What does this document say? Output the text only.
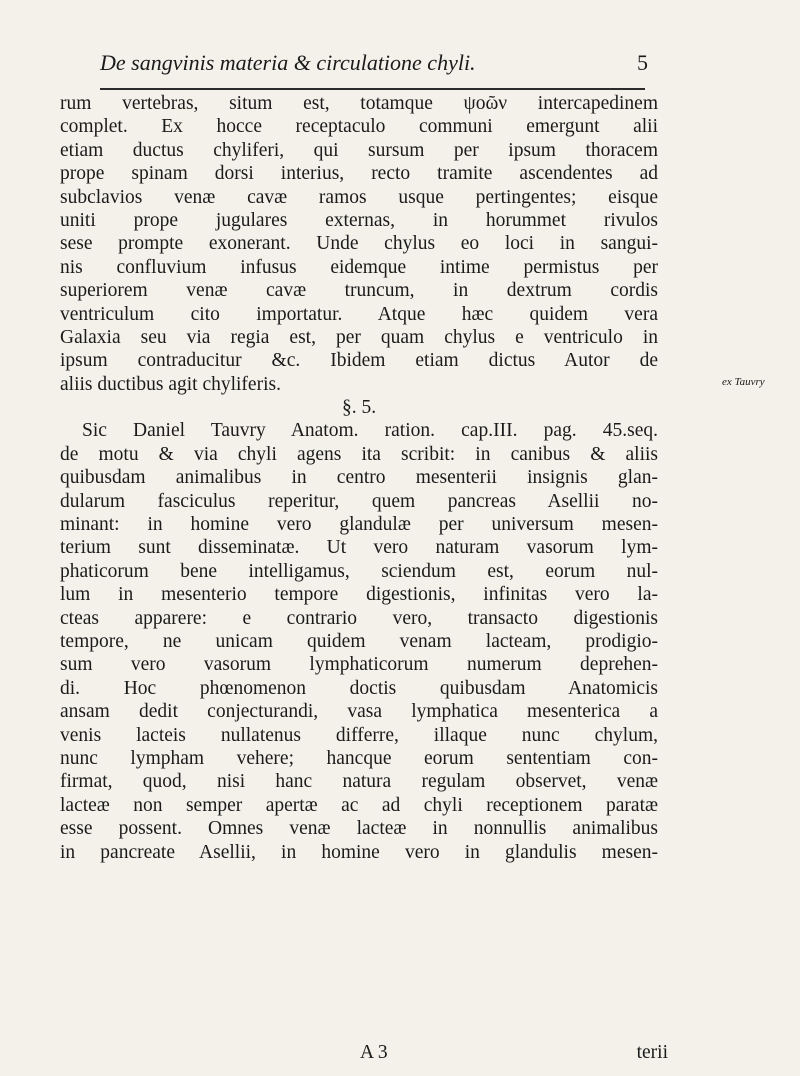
De sangvinis materia & circulatione chyli.	5
rum vertebras, situm est, totamque ψοῶν intercapedinem
complet. Ex hocce receptaculo communi emergunt alii
etiam ductus chyliferi, qui sursum per ipsum thoracem
prope spinam dorsi interius, recto tramite ascendentes ad
subclavios venæ cavæ ramos usque pertingentes; eisque
uniti prope jugulares externas, in horummet rivulos
sese prompte exonerant. Unde chylus eo loci in sangui-
nis confluvium infusus eidemque intime permistus per
superiorem venæ cavæ truncum, in dextrum cordis
ventriculum cito importatur. Atque hæc quidem vera
Galaxia seu via regia est, per quam chylus e ventriculo in
ipsum contraducitur &c. Ibidem etiam dictus Autor de
aliis ductibus agit chyliferis.
§. 5.
Sic Daniel Tauvry Anatom. ration. cap.III. pag. 45.seq.
de motu & via chyli agens ita scribit: in canibus & aliis
quibusdam animalibus in centro mesenterii insignis glan-
dularum fasciculus reperitur, quem pancreas Asellii no-
minant: in homine vero glandulæ per universum mesen-
terium sunt disseminatæ. Ut vero naturam vasorum lym-
phaticorum bene intelligamus, sciendum est, eorum nul-
lum in mesenterio tempore digestionis, infinitas vero la-
cteas apparere: e contrario vero, transacto digestionis
tempore, ne unicam quidem venam lacteam, prodigio-
sum vero vasorum lymphaticorum numerum deprehen-
di. Hoc phœnomenon doctis quibusdam Anatomicis
ansam dedit conjecturandi, vasa lymphatica mesenterica a
venis lacteis nullatenus differre, illaque nunc chylum,
nunc lympham vehere; hancque eorum sententiam con-
firmat, quod, nisi hanc natura regulam observet, venæ
lacteæ non semper apertæ ac ad chyli receptionem paratæ
esse possent. Omnes venæ lacteæ in nonnullis animalibus
in pancreate Asellii, in homine vero in glandulis mesen-
ex Tauvry
A 3	terii
